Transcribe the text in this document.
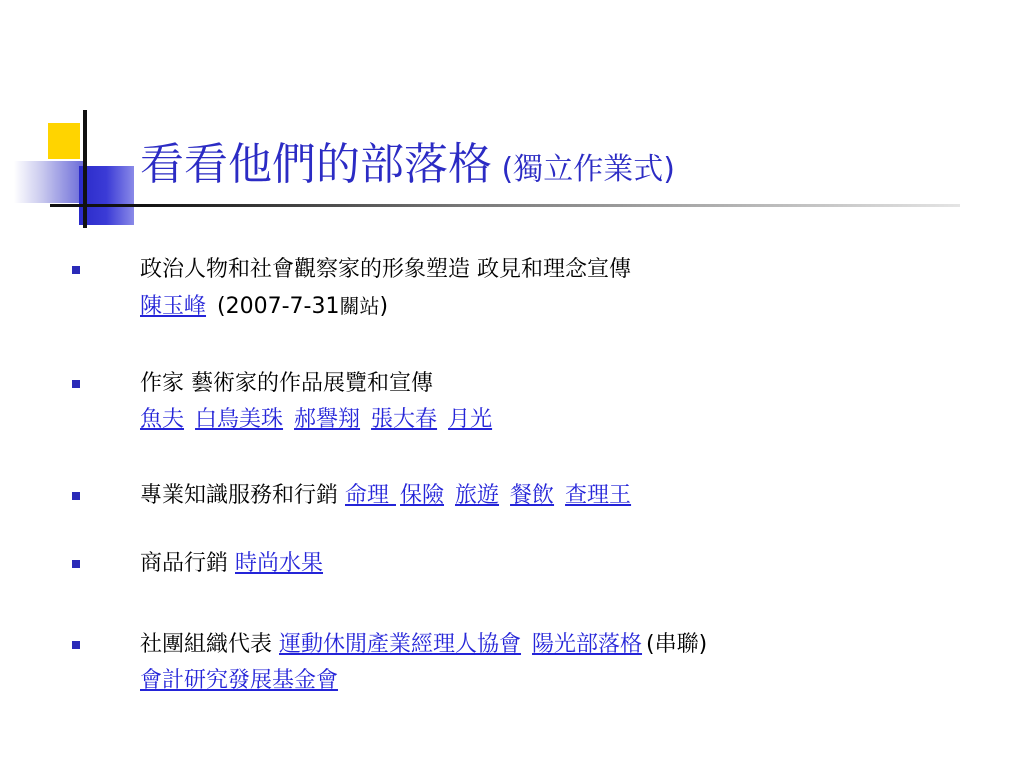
看看他們的部落格 (獨立作業式)
政治人物和社會觀察家的形象塑造 政見和理念宣傳
陳玉峰 (2007-7-31關站)
作家 藝術家的作品展覽和宣傳
魚夫 白鳥美珠 郝譽翔 張大春 月光
專業知識服務和行銷 命理 保險 旅遊 餐飲 查理王
商品行銷 時尚水果
社團組織代表 運動休閒產業經理人協會 陽光部落格 (串聯)
會計研究發展基金會
